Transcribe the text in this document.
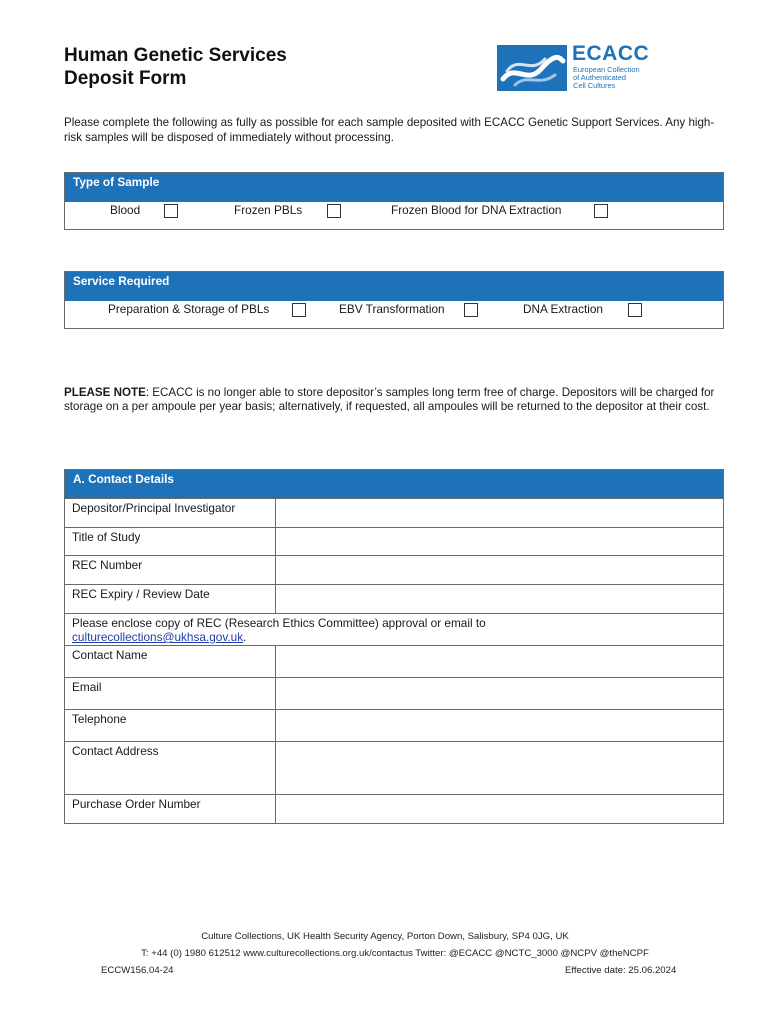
Human Genetic Services
Deposit Form
ECACC
European Collection
of Authenticated
Cell Cultures
Please complete the following as fully as possible for each sample deposited with ECACC Genetic Support Services. Any high-risk samples will be disposed of immediately without processing.
Type of Sample
Blood	Frozen PBLs	Frozen Blood for DNA Extraction
Service Required
Preparation & Storage of PBLs	EBV Transformation	DNA Extraction
PLEASE NOTE: ECACC is no longer able to store depositor’s samples long term free of charge. Depositors will be charged for storage on a per ampoule per year basis; alternatively, if requested, all ampoules will be returned to the depositor at their cost.
A. Contact Details
Depositor/Principal Investigator	
Title of Study	
REC Number	
REC Expiry / Review Date	
Please enclose copy of REC (Research Ethics Committee) approval or email to
culturecollections@ukhsa.gov.uk.	
Contact Name	
Email	
Telephone	
Contact Address	
Purchase Order Number	
Culture Collections, UK Health Security Agency, Porton Down, Salisbury, SP4 0JG, UK
T: +44 (0) 1980 612512 www.culturecollections.org.uk/contactus Twitter: @ECACC @NCTC_3000 @NCPV @theNCPF
ECCW156.04-24	Effective date: 25.06.2024
